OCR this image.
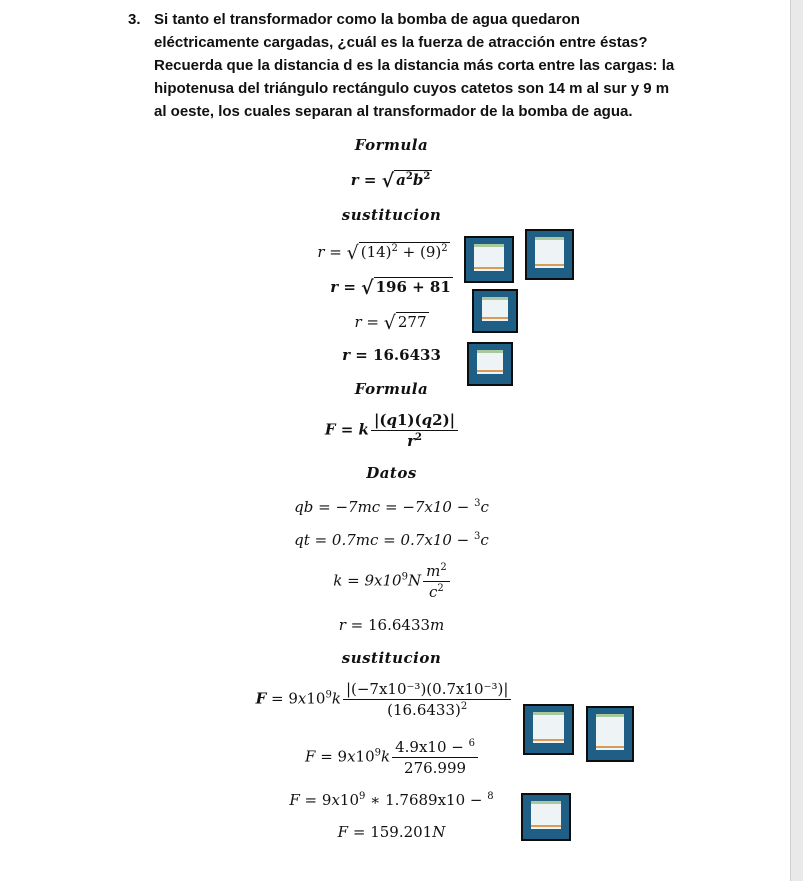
3. Si tanto el transformador como la bomba de agua quedaron eléctricamente cargadas, ¿cuál es la fuerza de atracción entre éstas? Recuerda que la distancia d es la distancia más corta entre las cargas: la hipotenusa del triángulo rectángulo cuyos catetos son 14 m al sur y 9 m al oeste, los cuales separan al transformador de la bomba de agua.
Formula
r = √ $a^2b^2$
sustitucion
r = √ $(14)^2 + (9)^2$
r = √ 196 + 81
r = √ 277
r = 16.6433
Formula
F = k $\frac{|(q1)(q2)|}{r^2}$
Datos
qb = −7mc = −7x10 − $^3$c
qt = 0.7mc = 0.7x10 − $^3$c
$k = 9x10^9N \frac{m^2}{c^2}$
r = 16.6433m
sustitucion
$F = 9x10^9k \frac{\text{|(−7x10⁻³)(0.7x10⁻³)|}}{(16.6433)^2}$
$F = 9x10^9k \frac{4.9x10 - ^6}{276.999}$
$F = 9x10^9$ ∗ 1.7689x10 − $^8$
F = 159.201N
